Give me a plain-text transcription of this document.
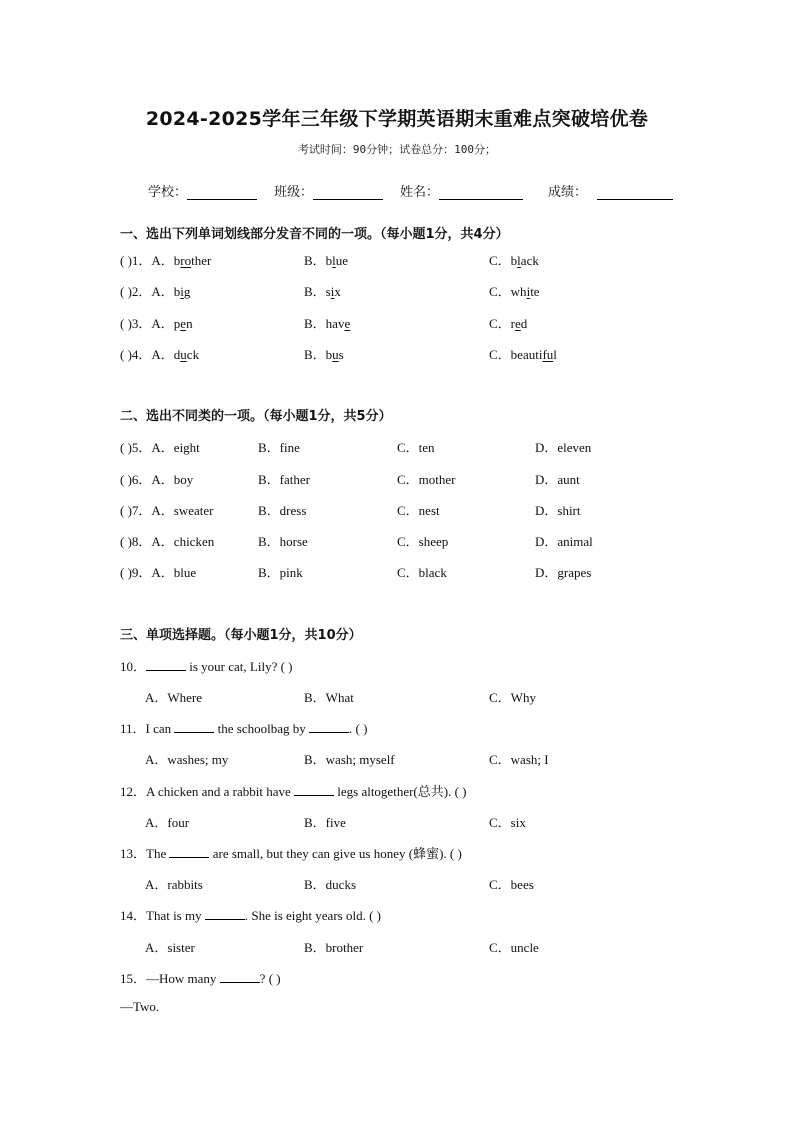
2024-2025学年三年级下学期英语期末重难点突破培优卷
考试时间：90分钟；试卷总分：100分；
学校：	班级：	姓名：	成绩：
一、选出下列单词划线部分发音不同的一项。（每小题1分，共4分）
( )1．A．brother	B．blue	C．black
( )2．A．big	B．six	C．white
( )3．A．pen	B．have	C．red
( )4．A．duck	B．bus	C．beautiful
二、选出不同类的一项。（每小题1分，共5分）
( )5．A．eight	B．fine	C．ten	D．eleven
( )6．A．boy	B．father	C．mother	D．aunt
( )7．A．sweater	B．dress	C．nest	D．shirt
( )8．A．chicken	B．horse	C．sheep	D．animal
( )9．A．blue	B．pink	C．black	D．grapes
三、单项选择题。（每小题1分，共10分）
10．	is your cat, Lily? ( )
A．Where	B．What	C．Why
11．I can	the schoolbag by	. ( )
A．washes; my	B．wash; myself	C．wash; I
12．A chicken and a rabbit have	legs altogether(总共). ( )
A．four	B．five	C．six
13．The	are small, but they can give us honey (蜂蜜). ( )
A．rabbits	B．ducks	C．bees
14．That is my	. She is eight years old. ( )
A．sister	B．brother	C．uncle
15．—How many	? ( )
—Two.
